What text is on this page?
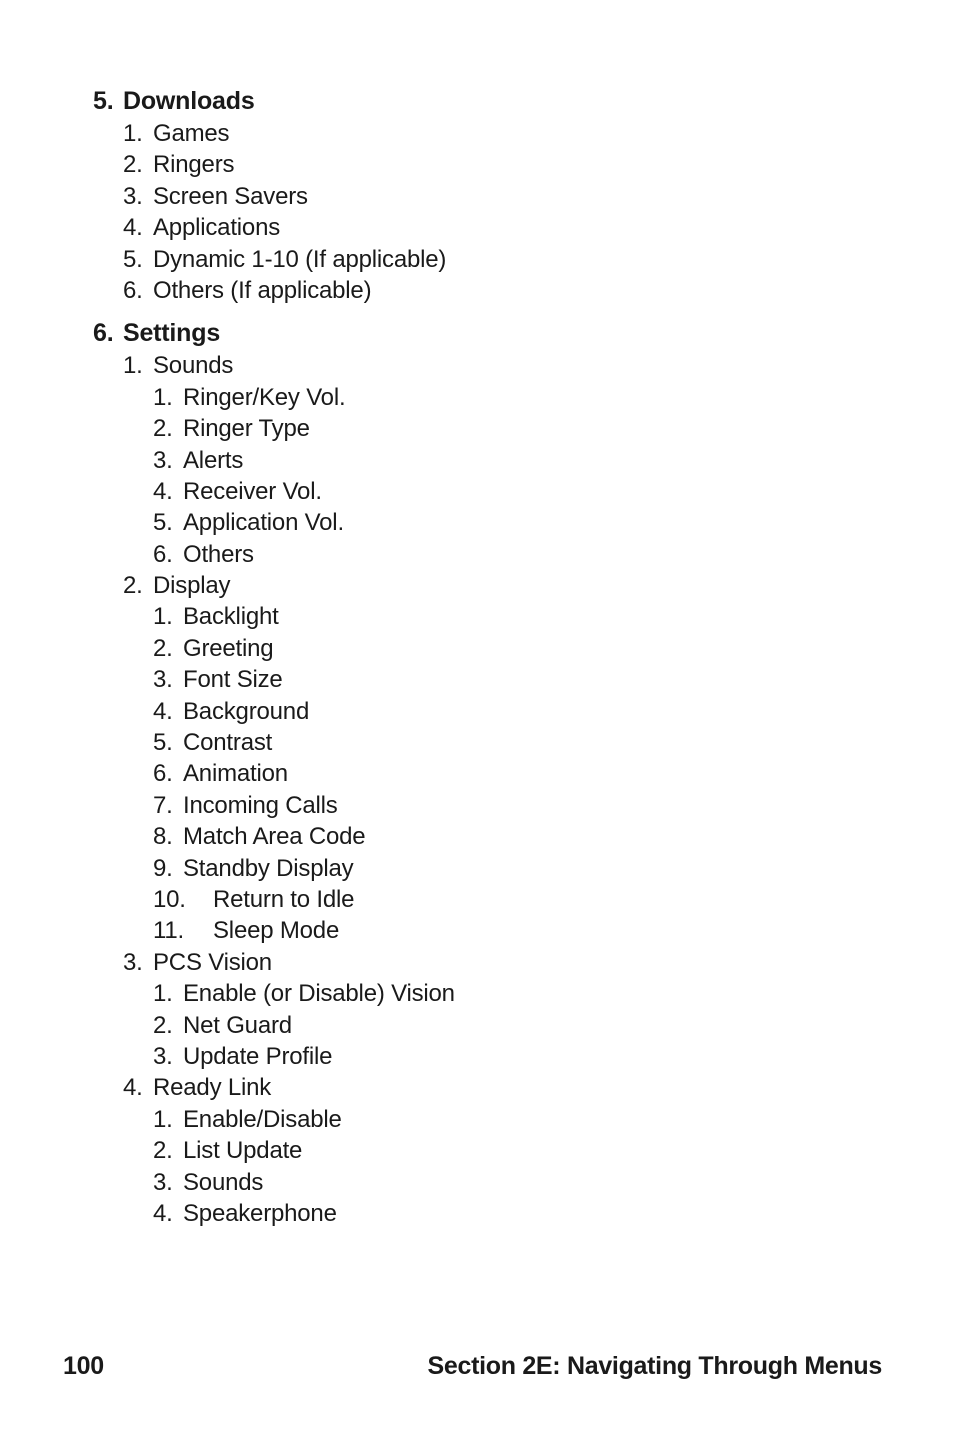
5. Downloads
1. Games
2. Ringers
3. Screen Savers
4. Applications
5. Dynamic 1-10 (If applicable)
6. Others (If applicable)
6. Settings
1. Sounds
1. Ringer/Key Vol.
2. Ringer Type
3. Alerts
4. Receiver Vol.
5. Application Vol.
6. Others
2. Display
1. Backlight
2. Greeting
3. Font Size
4. Background
5. Contrast
6. Animation
7. Incoming Calls
8. Match Area Code
9. Standby Display
10. Return to Idle
11. Sleep Mode
3. PCS Vision
1. Enable (or Disable) Vision
2. Net Guard
3. Update Profile
4. Ready Link
1. Enable/Disable
2. List Update
3. Sounds
4. Speakerphone
100	Section 2E: Navigating Through Menus
